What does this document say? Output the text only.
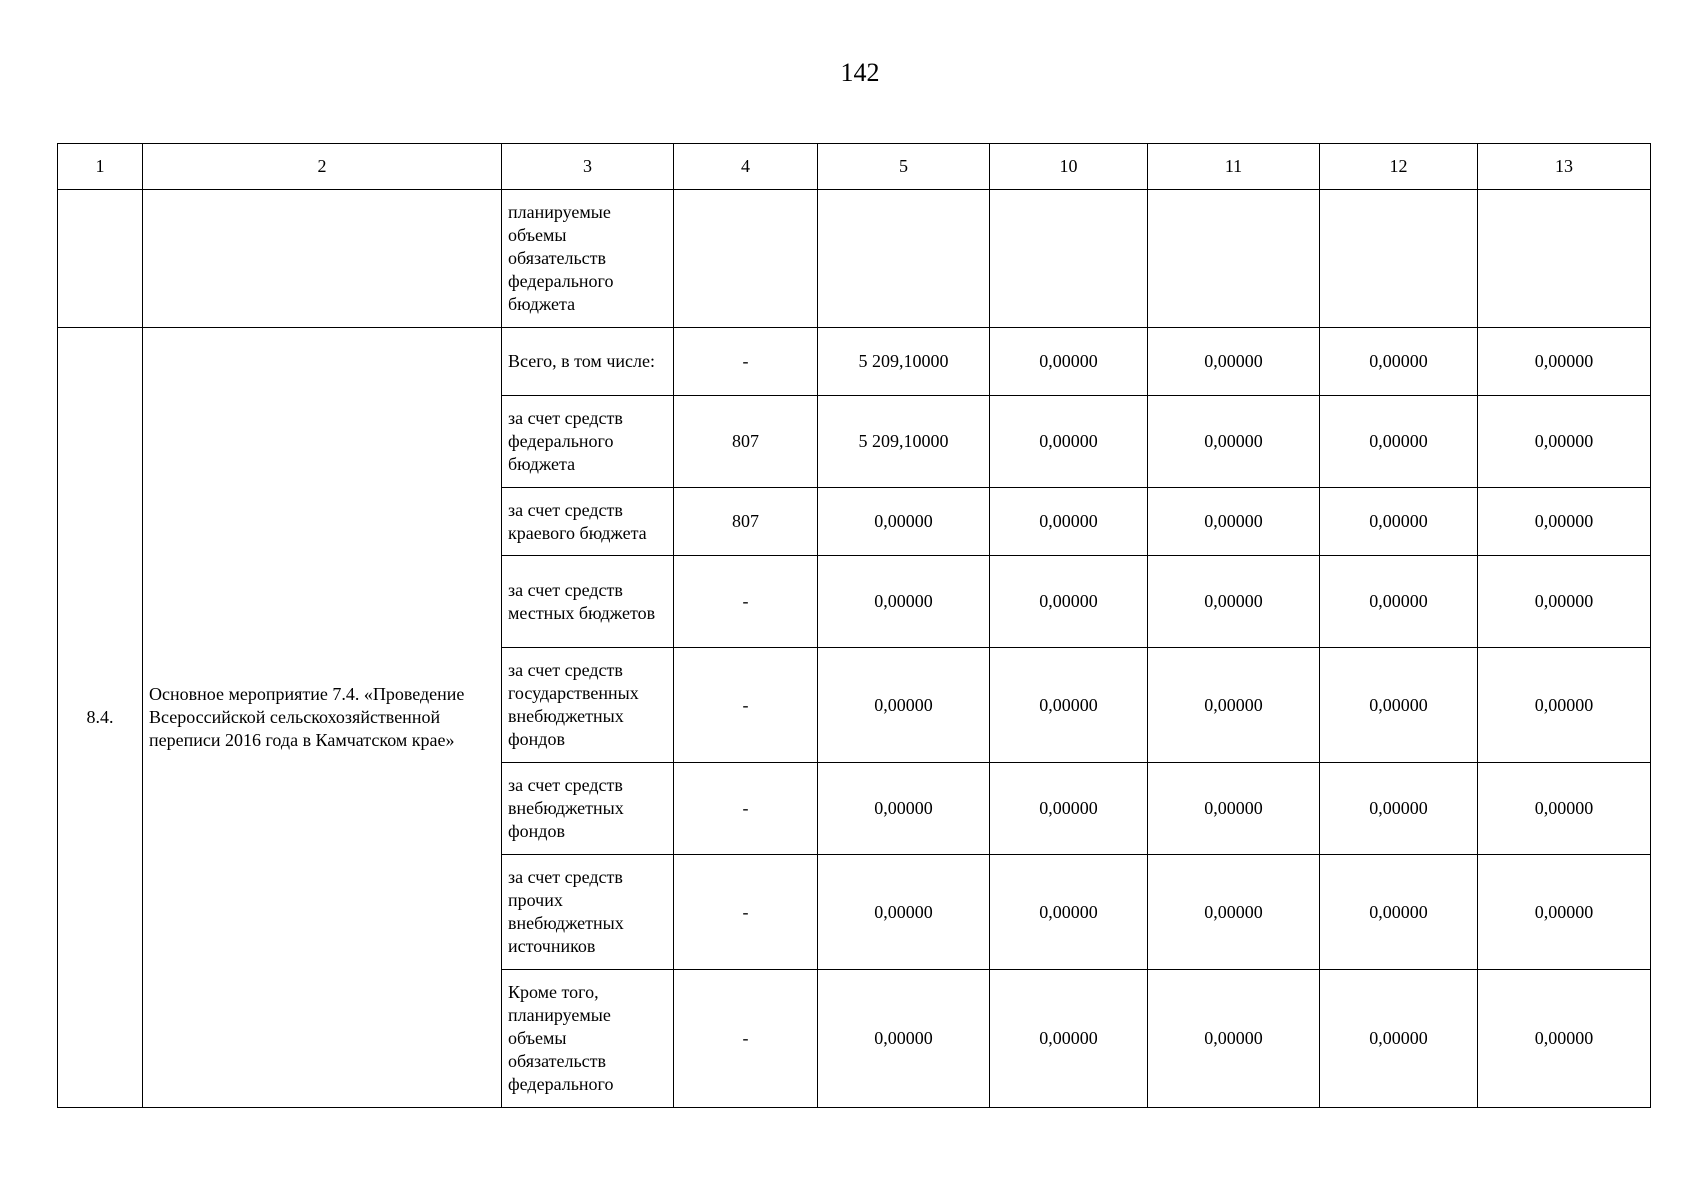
142
1	2	3	4	5	10	11	12	13
		планируемые объемы обязательств федерального бюджета						
8.4.	Основное мероприятие 7.4. «Проведение Всероссийской сельскохозяйственной переписи 2016 года в Камчатском крае»	Всего, в том числе:	-	5 209,10000	0,00000	0,00000	0,00000	0,00000
		за счет средств федерального бюджета	807	5 209,10000	0,00000	0,00000	0,00000	0,00000
		за счет средств краевого бюджета	807	0,00000	0,00000	0,00000	0,00000	0,00000
		за счет средств местных бюджетов	-	0,00000	0,00000	0,00000	0,00000	0,00000
		за счет средств государственных внебюджетных фондов	-	0,00000	0,00000	0,00000	0,00000	0,00000
		за счет средств внебюджетных фондов	-	0,00000	0,00000	0,00000	0,00000	0,00000
		за счет средств прочих внебюджетных источников	-	0,00000	0,00000	0,00000	0,00000	0,00000
		Кроме того, планируемые объемы обязательств федерального	-	0,00000	0,00000	0,00000	0,00000	0,00000
